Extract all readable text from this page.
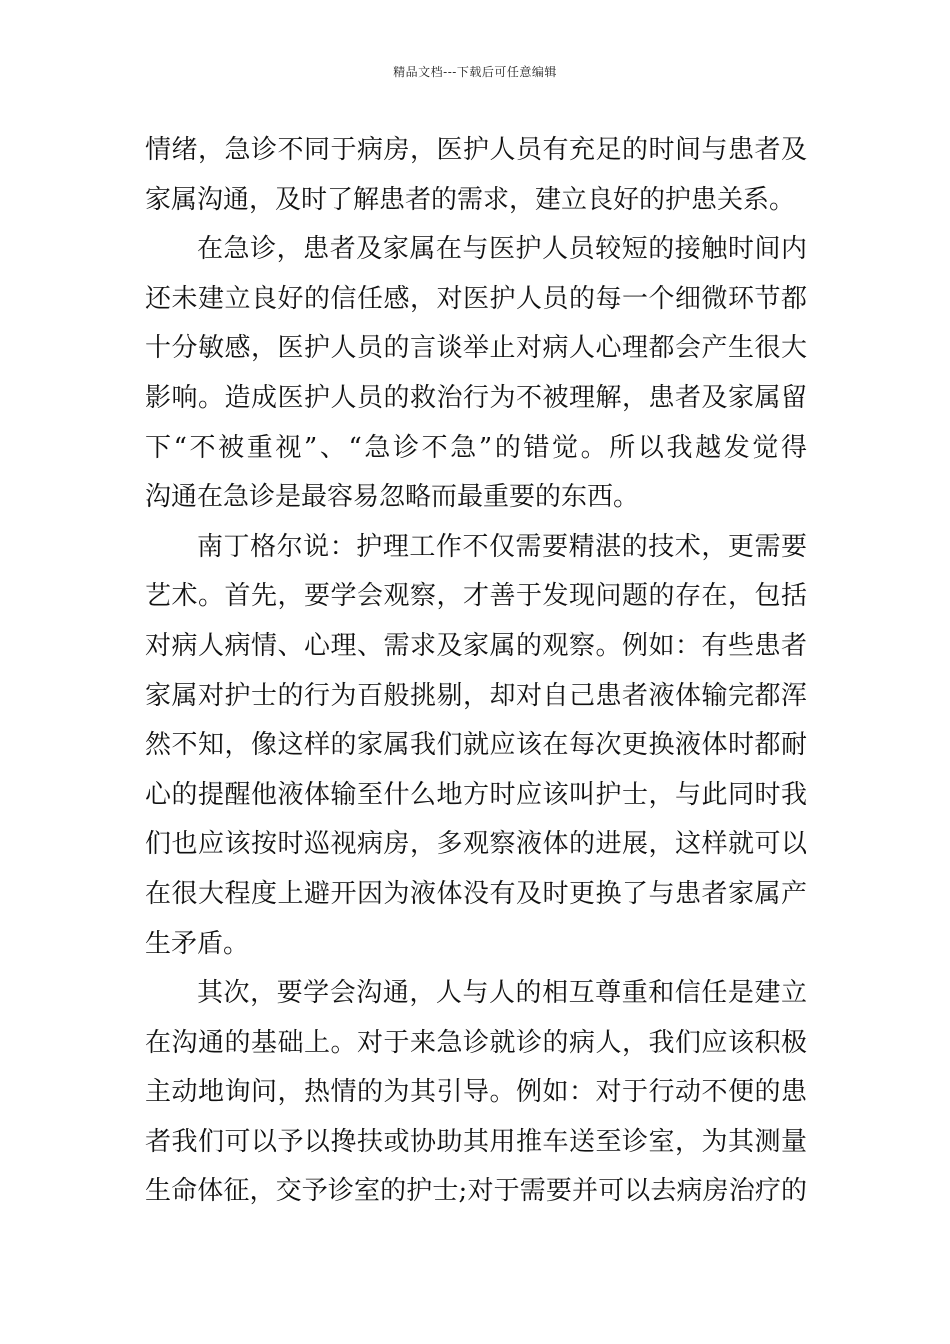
精品文档---下载后可任意编辑
情绪，急诊不同于病房，医护人员有充足的时间与患者及
家属沟通，及时了解患者的需求，建立良好的护患关系。
在急诊，患者及家属在与医护人员较短的接触时间内
还未建立良好的信任感，对医护人员的每一个细微环节都
十分敏感，医护人员的言谈举止对病人心理都会产生很大
影响。造成医护人员的救治行为不被理解，患者及家属留
下“不被重视”、“急诊不急”的错觉。所以我越发觉得
沟通在急诊是最容易忽略而最重要的东西。
南丁格尔说：护理工作不仅需要精湛的技术，更需要
艺术。首先，要学会观察，才善于发现问题的存在，包括
对病人病情、心理、需求及家属的观察。例如：有些患者
家属对护士的行为百般挑剔，却对自己患者液体输完都浑
然不知，像这样的家属我们就应该在每次更换液体时都耐
心的提醒他液体输至什么地方时应该叫护士，与此同时我
们也应该按时巡视病房，多观察液体的进展，这样就可以
在很大程度上避开因为液体没有及时更换了与患者家属产
生矛盾。
其次，要学会沟通，人与人的相互尊重和信任是建立
在沟通的基础上。对于来急诊就诊的病人，我们应该积极
主动地询问，热情的为其引导。例如：对于行动不便的患
者我们可以予以搀扶或协助其用推车送至诊室，为其测量
生命体征，交予诊室的护士;对于需要并可以去病房治疗的
